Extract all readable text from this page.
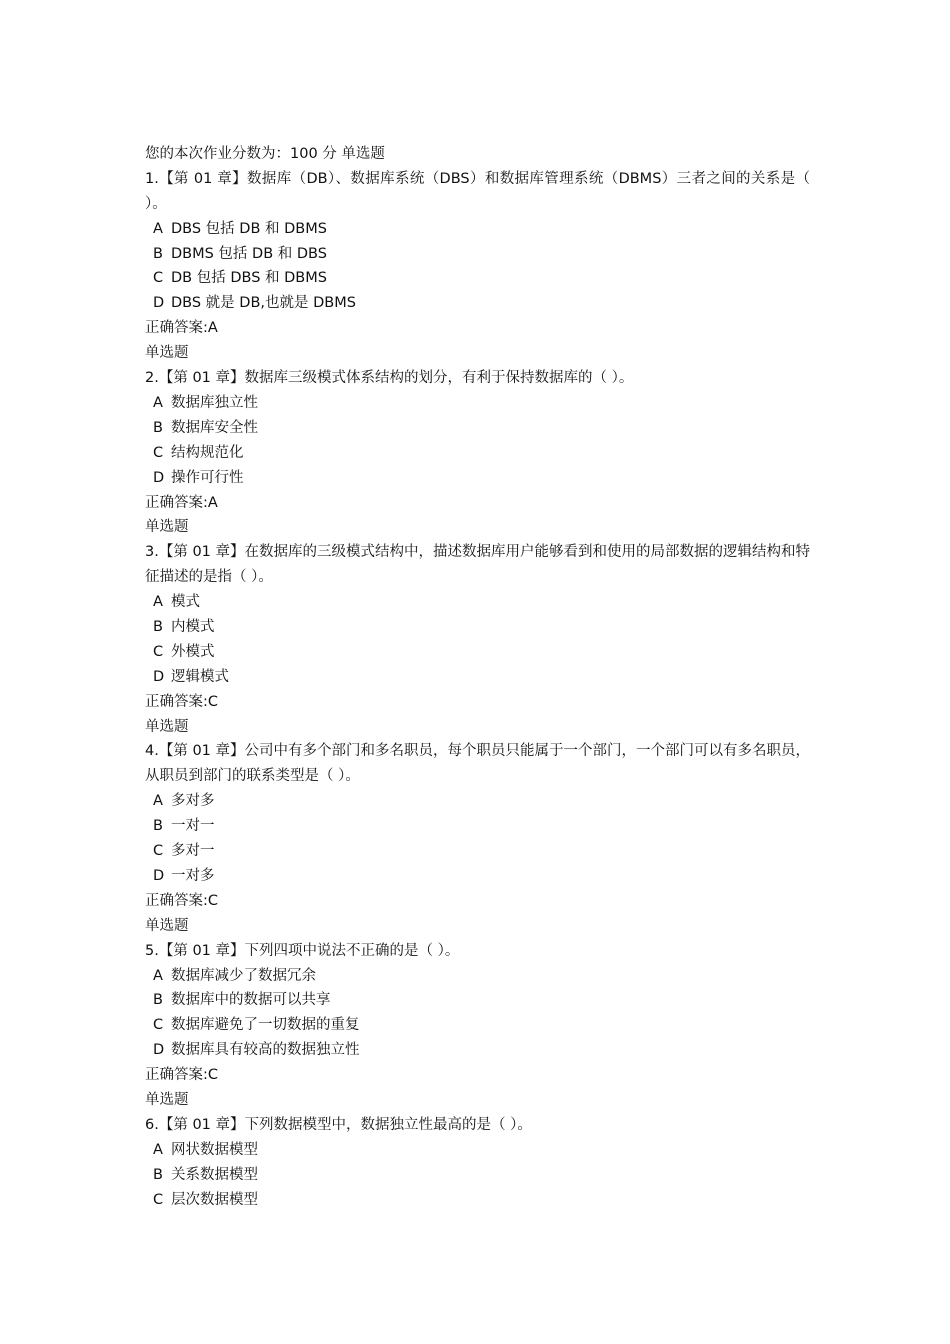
您的本次作业分数为：100 分 单选题
1.【第 01 章】数据库（DB）、数据库系统（DBS）和数据库管理系统（DBMS）三者之间的关系是（ ）。
A DBS 包括 DB 和 DBMS
B DBMS 包括 DB 和 DBS
C DB 包括 DBS 和 DBMS
D DBS 就是 DB,也就是 DBMS
正确答案:A
单选题
2.【第 01 章】数据库三级模式体系结构的划分，有利于保持数据库的（ ）。
A 数据库独立性
B 数据库安全性
C 结构规范化
D 操作可行性
正确答案:A
单选题
3.【第 01 章】在数据库的三级模式结构中，描述数据库用户能够看到和使用的局部数据的逻辑结构和特征描述的是指（ ）。
A 模式
B 内模式
C 外模式
D 逻辑模式
正确答案:C
单选题
4.【第 01 章】公司中有多个部门和多名职员，每个职员只能属于一个部门，一个部门可以有多名职员，从职员到部门的联系类型是（ ）。
A 多对多
B 一对一
C 多对一
D 一对多
正确答案:C
单选题
5.【第 01 章】下列四项中说法不正确的是（ ）。
A 数据库减少了数据冗余
B 数据库中的数据可以共享
C 数据库避免了一切数据的重复
D 数据库具有较高的数据独立性
正确答案:C
单选题
6.【第 01 章】下列数据模型中，数据独立性最高的是（ ）。
A 网状数据模型
B 关系数据模型
C 层次数据模型
